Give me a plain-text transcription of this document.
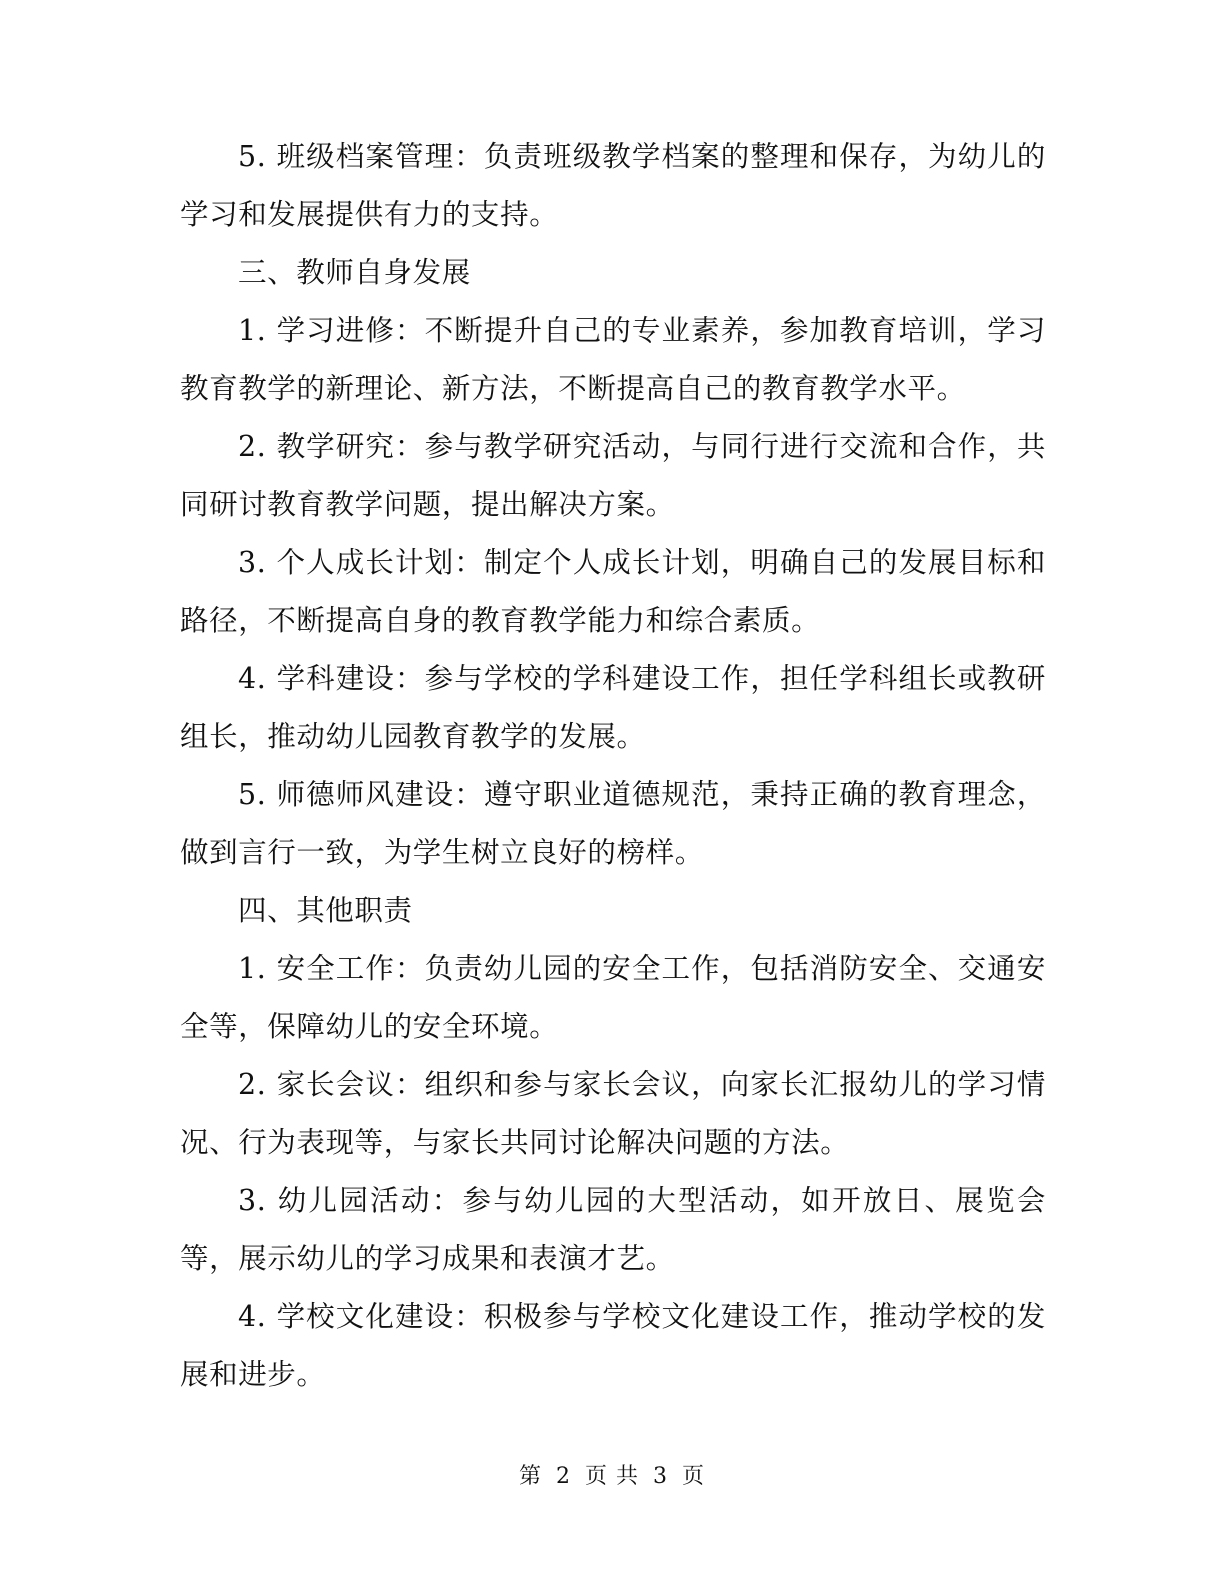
5. 班级档案管理：负责班级教学档案的整理和保存，为幼儿的学习和发展提供有力的支持。

三、教师自身发展

1. 学习进修：不断提升自己的专业素养，参加教育培训，学习教育教学的新理论、新方法，不断提高自己的教育教学水平。

2. 教学研究：参与教学研究活动，与同行进行交流和合作，共同研讨教育教学问题，提出解决方案。

3. 个人成长计划：制定个人成长计划，明确自己的发展目标和路径，不断提高自身的教育教学能力和综合素质。

4. 学科建设：参与学校的学科建设工作，担任学科组长或教研组长，推动幼儿园教育教学的发展。

5. 师德师风建设：遵守职业道德规范，秉持正确的教育理念，做到言行一致，为学生树立良好的榜样。

四、其他职责

1. 安全工作：负责幼儿园的安全工作，包括消防安全、交通安全等，保障幼儿的安全环境。

2. 家长会议：组织和参与家长会议，向家长汇报幼儿的学习情况、行为表现等，与家长共同讨论解决问题的方法。

3. 幼儿园活动：参与幼儿园的大型活动，如开放日、展览会等，展示幼儿的学习成果和表演才艺。

4. 学校文化建设：积极参与学校文化建设工作，推动学校的发展和进步。

第 2 页 共 3 页
